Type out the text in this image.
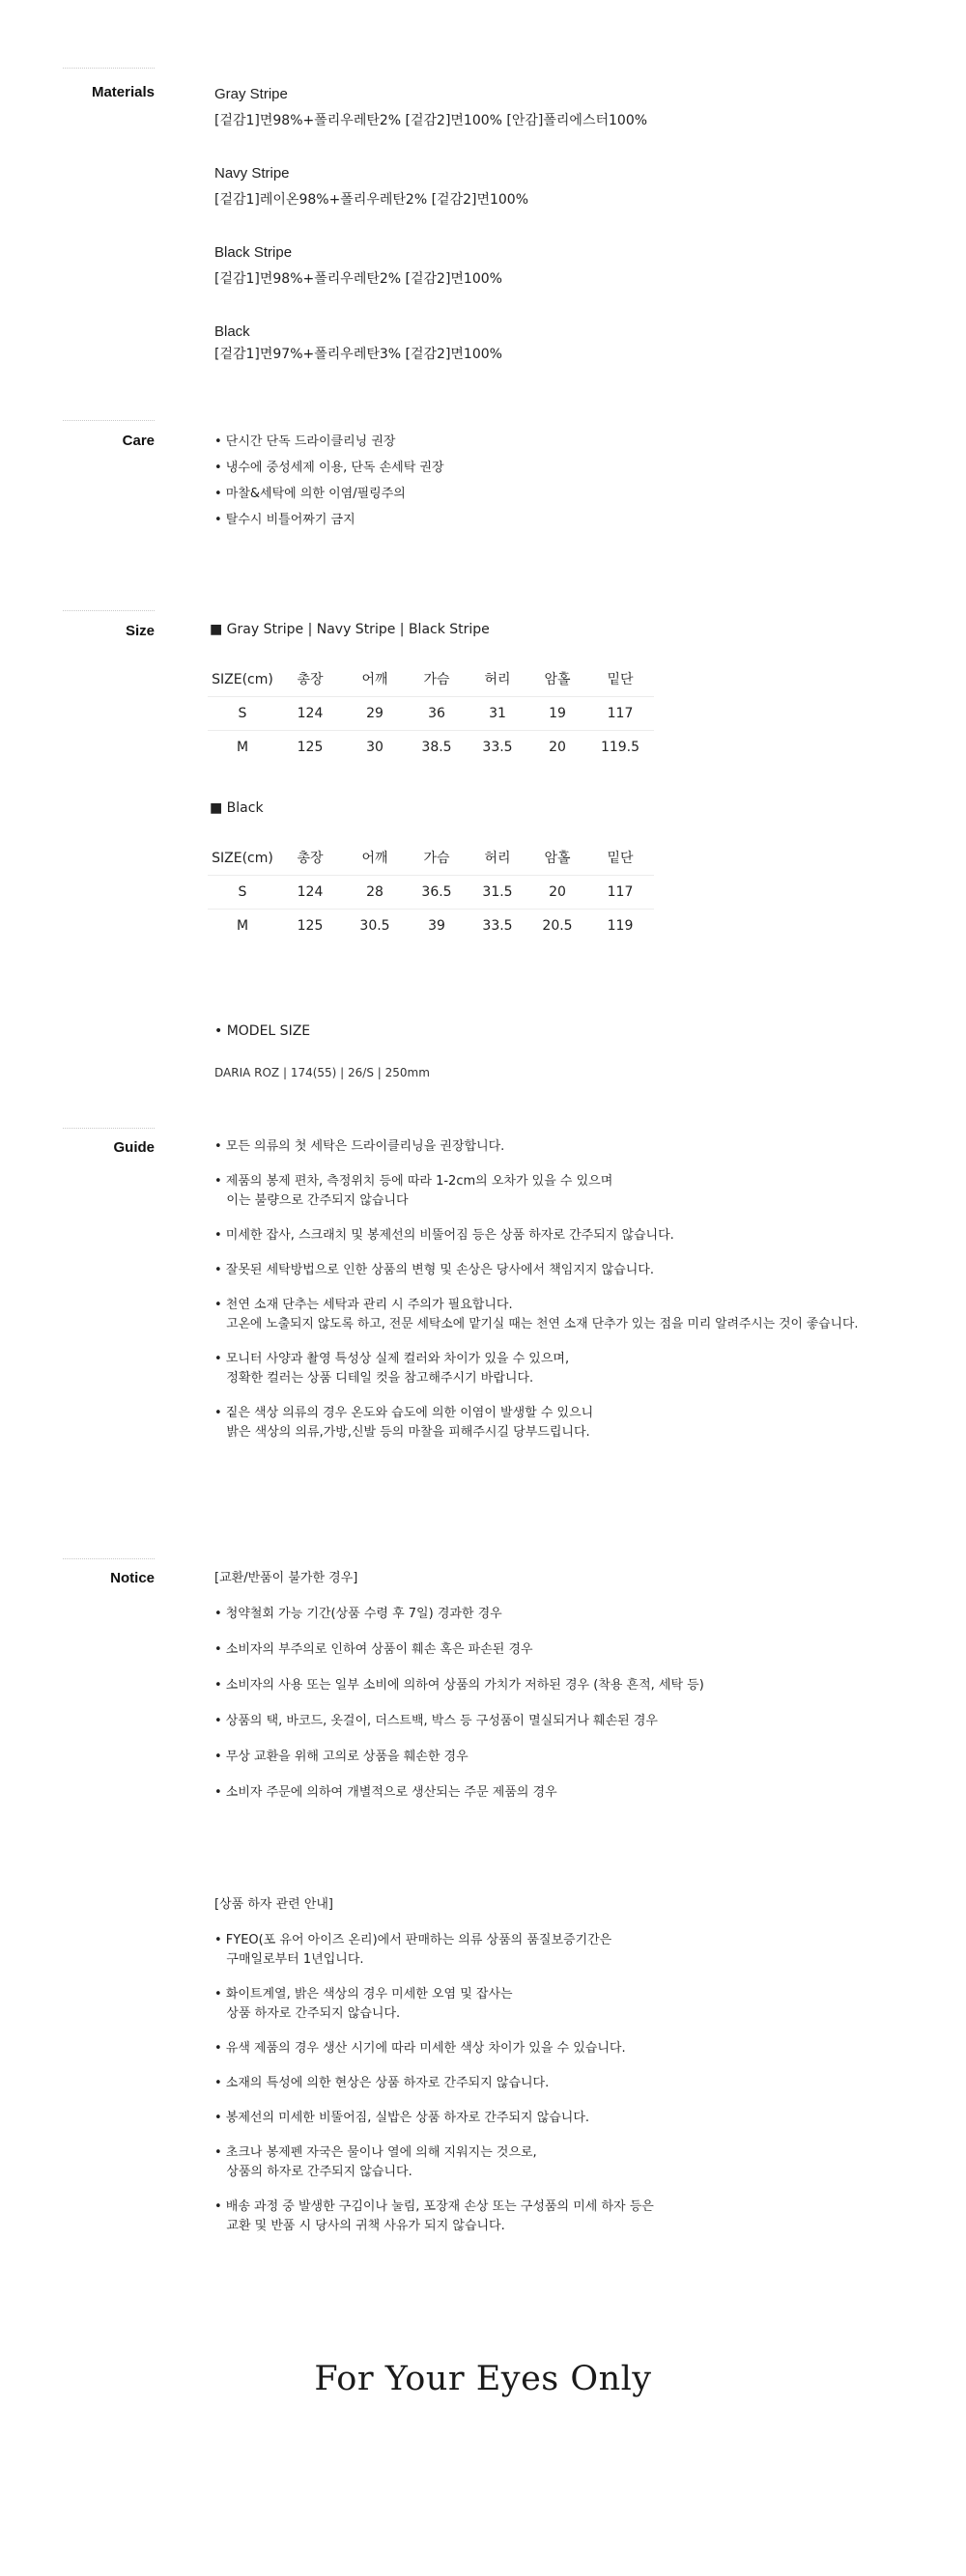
Materials	Gray Stripe
[겉감1]면98%+폴리우레탄2% [겉감2]면100% [안감]폴리에스터100%
Navy Stripe
[겉감1]레이온98%+폴리우레탄2% [겉감2]면100%
Black Stripe
[겉감1]면98%+폴리우레탄2% [겉감2]면100%
Black
[겉감1]면97%+폴리우레탄3% [겉감2]면100%
Care	• 단시간 단독 드라이클리닝 권장
• 냉수에 중성세제 이용, 단독 손세탁 권장
• 마찰&세탁에 의한 이염/필링주의
• 탈수시 비틀어짜기 금지
Size	■ Gray Stripe | Navy Stripe | Black Stripe
SIZE(cm)	총장	어깨	가슴	허리	암홀	밑단
S	124	29	36	31	19	117
M	125	30	38.5	33.5	20	119.5
■ Black
SIZE(cm)	총장	어깨	가슴	허리	암홀	밑단
S	124	28	36.5	31.5	20	117
M	125	30.5	39	33.5	20.5	119
• MODEL SIZE
DARIA ROZ | 174(55) | 26/S | 250mm
Guide	• 모든 의류의 첫 세탁은 드라이클리닝을 권장합니다.
• 제품의 봉제 편차, 측정위치 등에 따라 1-2cm의 오차가 있을 수 있으며
이는 불량으로 간주되지 않습니다
• 미세한 잡사, 스크래치 및 봉제선의 비뚤어짐 등은 상품 하자로 간주되지 않습니다.
• 잘못된 세탁방법으로 인한 상품의 변형 및 손상은 당사에서 책임지지 않습니다.
• 천연 소재 단추는 세탁과 관리 시 주의가 필요합니다.
고온에 노출되지 않도록 하고, 전문 세탁소에 맡기실 때는 천연 소재 단추가 있는 점을 미리 알려주시는 것이 좋습니다.
• 모니터 사양과 촬영 특성상 실제 컬러와 차이가 있을 수 있으며,
정확한 컬러는 상품 디테일 컷을 참고해주시기 바랍니다.
• 짙은 색상 의류의 경우 온도와 습도에 의한 이염이 발생할 수 있으니
밝은 색상의 의류,가방,신발 등의 마찰을 피해주시길 당부드립니다.
Notice	[교환/반품이 불가한 경우]
• 청약철회 가능 기간(상품 수령 후 7일) 경과한 경우
• 소비자의 부주의로 인하여 상품이 훼손 혹은 파손된 경우
• 소비자의 사용 또는 일부 소비에 의하여 상품의 가치가 저하된 경우 (착용 흔적, 세탁 등)
• 상품의 택, 바코드, 옷걸이, 더스트백, 박스 등 구성품이 멸실되거나 훼손된 경우
• 무상 교환을 위해 고의로 상품을 훼손한 경우
• 소비자 주문에 의하여 개별적으로 생산되는 주문 제품의 경우
[상품 하자 관련 안내]
• FYEO(포 유어 아이즈 온리)에서 판매하는 의류 상품의 품질보증기간은
구매일로부터 1년입니다.
• 화이트계열, 밝은 색상의 경우 미세한 오염 및 잡사는
상품 하자로 간주되지 않습니다.
• 유색 제품의 경우 생산 시기에 따라 미세한 색상 차이가 있을 수 있습니다.
• 소재의 특성에 의한 현상은 상품 하자로 간주되지 않습니다.
• 봉제선의 미세한 비뚤어짐, 실밥은 상품 하자로 간주되지 않습니다.
• 초크나 봉제펜 자국은 물이나 열에 의해 지워지는 것으로,
상품의 하자로 간주되지 않습니다.
• 배송 과정 중 발생한 구김이나 눌림, 포장재 손상 또는 구성품의 미세 하자 등은
교환 및 반품 시 당사의 귀책 사유가 되지 않습니다.
For Your Eyes Only
